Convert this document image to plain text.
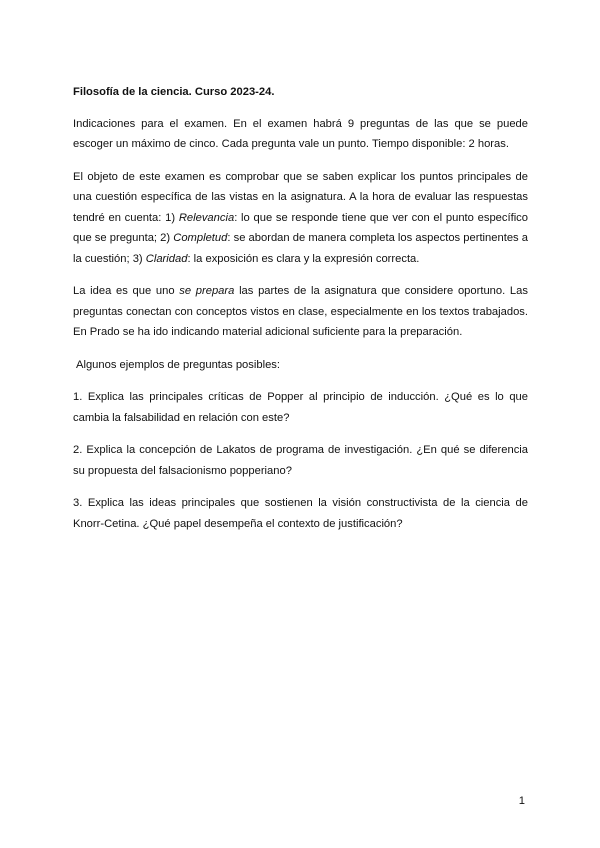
Filosofía de la ciencia. Curso 2023-24.

Indicaciones para el examen. En el examen habrá 9 preguntas de las que se puede escoger un máximo de cinco. Cada pregunta vale un punto. Tiempo disponible: 2 horas.

El objeto de este examen es comprobar que se saben explicar los puntos principales de una cuestión específica de las vistas en la asignatura. A la hora de evaluar las respuestas tendré en cuenta: 1) Relevancia: lo que se responde tiene que ver con el punto específico que se pregunta; 2) Completud: se abordan de manera completa los aspectos pertinentes a la cuestión; 3) Claridad: la exposición es clara y la expresión correcta.

La idea es que uno se prepara las partes de la asignatura que considere oportuno. Las preguntas conectan con conceptos vistos en clase, especialmente en los textos trabajados. En Prado se ha ido indicando material adicional suficiente para la preparación.

Algunos ejemplos de preguntas posibles:

1. Explica las principales críticas de Popper al principio de inducción. ¿Qué es lo que cambia la falsabilidad en relación con este?

2. Explica la concepción de Lakatos de programa de investigación. ¿En qué se diferencia su propuesta del falsacionismo popperiano?

3. Explica las ideas principales que sostienen la visión constructivista de la ciencia de Knorr-Cetina. ¿Qué papel desempeña el contexto de justificación?

1
